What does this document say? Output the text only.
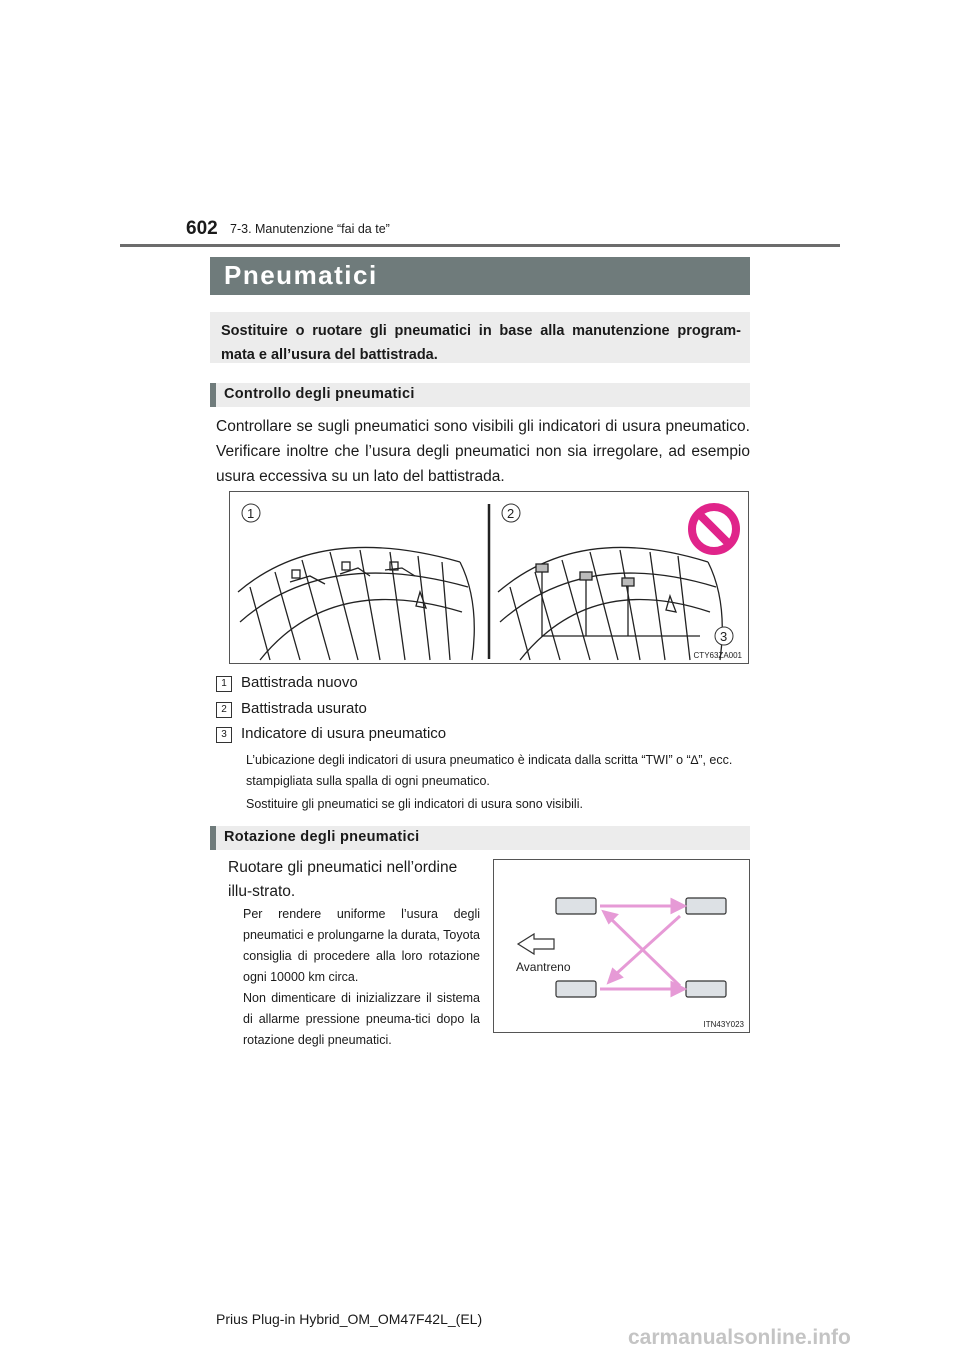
602 7-3. Manutenzione “fai da te”
Pneumatici

Sostituire o ruotare gli pneumatici in base alla manutenzione program-mata e all’usura del battistrada.

Controllo degli pneumatici

Controllare se sugli pneumatici sono visibili gli indicatori di usura pneumatico. Verificare inoltre che l’usura degli pneumatici non sia irregolare, ad esempio usura eccessiva su un lato del battistrada.

1	2
3
CTY63ZA001
1 Battistrada nuovo
2 Battistrada usurato
3 Indicatore di usura pneumatico

L’ubicazione degli indicatori di usura pneumatico è indicata dalla scritta “TWI” o “∆”, ecc. stampigliata sulla spalla di ogni pneumatico.

Sostituire gli pneumatici se gli indicatori di usura sono visibili.

Rotazione degli pneumatici

Ruotare gli pneumatici nell’ordine illu-strato.

Per rendere uniforme l’usura degli pneumatici e prolungarne la durata, Toyota consiglia di procedere alla loro rotazione ogni 10000 km circa.

Non dimenticare di inizializzare il sistema di allarme pressione pneuma-tici dopo la rotazione degli pneumatici.

Avantreno
ITN43Y023
Prius Plug-in Hybrid_OM_OM47F42L_(EL)
carmanualsonline.info
